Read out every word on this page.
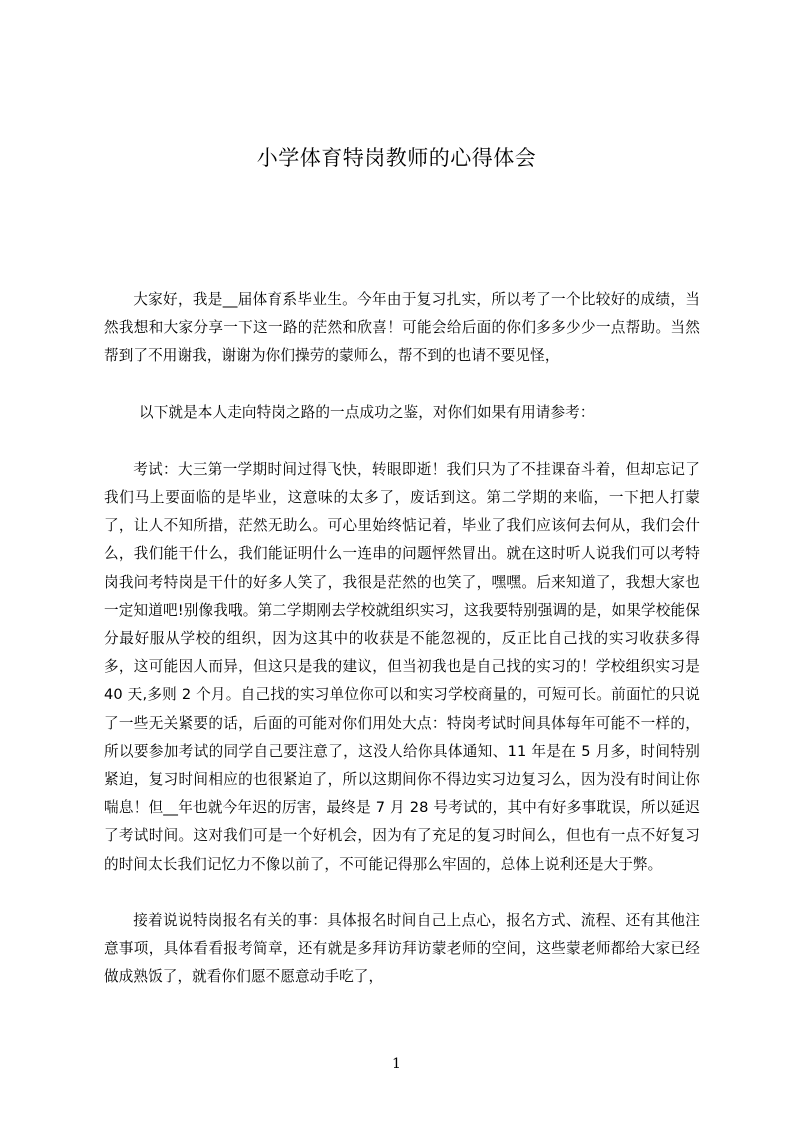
小学体育特岗教师的心得体会

大家好，我是__届体育系毕业生。今年由于复习扎实，所以考了一个比较好的成绩，当然我想和大家分享一下这一路的茫然和欣喜！可能会给后面的你们多多少少一点帮助。当然帮到了不用谢我，谢谢为你们操劳的蒙师么，帮不到的也请不要见怪，

以下就是本人走向特岗之路的一点成功之鉴，对你们如果有用请参考：

考试：大三第一学期时间过得飞快，转眼即逝！我们只为了不挂课奋斗着，但却忘记了我们马上要面临的是毕业，这意味的太多了，废话到这。第二学期的来临，一下把人打蒙了，让人不知所措，茫然无助么。可心里始终惦记着，毕业了我们应该何去何从，我们会什么，我们能干什么，我们能证明什么一连串的问题怦然冒出。就在这时听人说我们可以考特岗我问考特岗是干什的好多人笑了，我很是茫然的也笑了，嘿嘿。后来知道了，我想大家也一定知道吧!别像我哦。第二学期刚去学校就组织实习，这我要特别强调的是，如果学校能保分最好服从学校的组织，因为这其中的收获是不能忽视的，反正比自己找的实习收获多得多，这可能因人而异，但这只是我的建议，但当初我也是自己找的实习的！学校组织实习是 40 天,多则 2 个月。自己找的实习单位你可以和实习学校商量的，可短可长。前面忙的只说了一些无关紧要的话，后面的可能对你们用处大点：特岗考试时间具体每年可能不一样的，所以要参加考试的同学自己要注意了，这没人给你具体通知、11 年是在 5 月多，时间特别紧迫，复习时间相应的也很紧迫了，所以这期间你不得边实习边复习么，因为没有时间让你喘息！但__年也就今年迟的厉害，最终是 7 月 28 号考试的，其中有好多事耽误，所以延迟了考试时间。这对我们可是一个好机会，因为有了充足的复习时间么，但也有一点不好复习的时间太长我们记忆力不像以前了，不可能记得那么牢固的，总体上说利还是大于弊。

接着说说特岗报名有关的事：具体报名时间自己上点心，报名方式、流程、还有其他注意事项，具体看看报考简章，还有就是多拜访拜访蒙老师的空间，这些蒙老师都给大家已经做成熟饭了，就看你们愿不愿意动手吃了，

1
